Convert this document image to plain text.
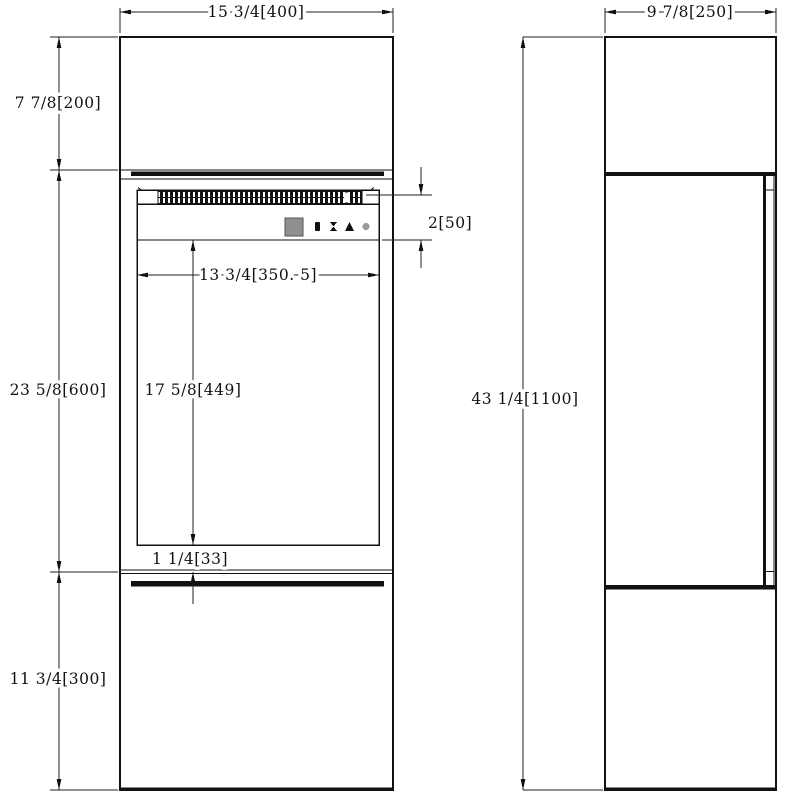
15 3/4[400]	9 7/8[250]
7 7/8[200]
23 5/8[600]
11 3/4[300]
13 3/4[350. 5]
17 5/8[449]
1 1/4[33]
2[50]
43 1/4[1100]
